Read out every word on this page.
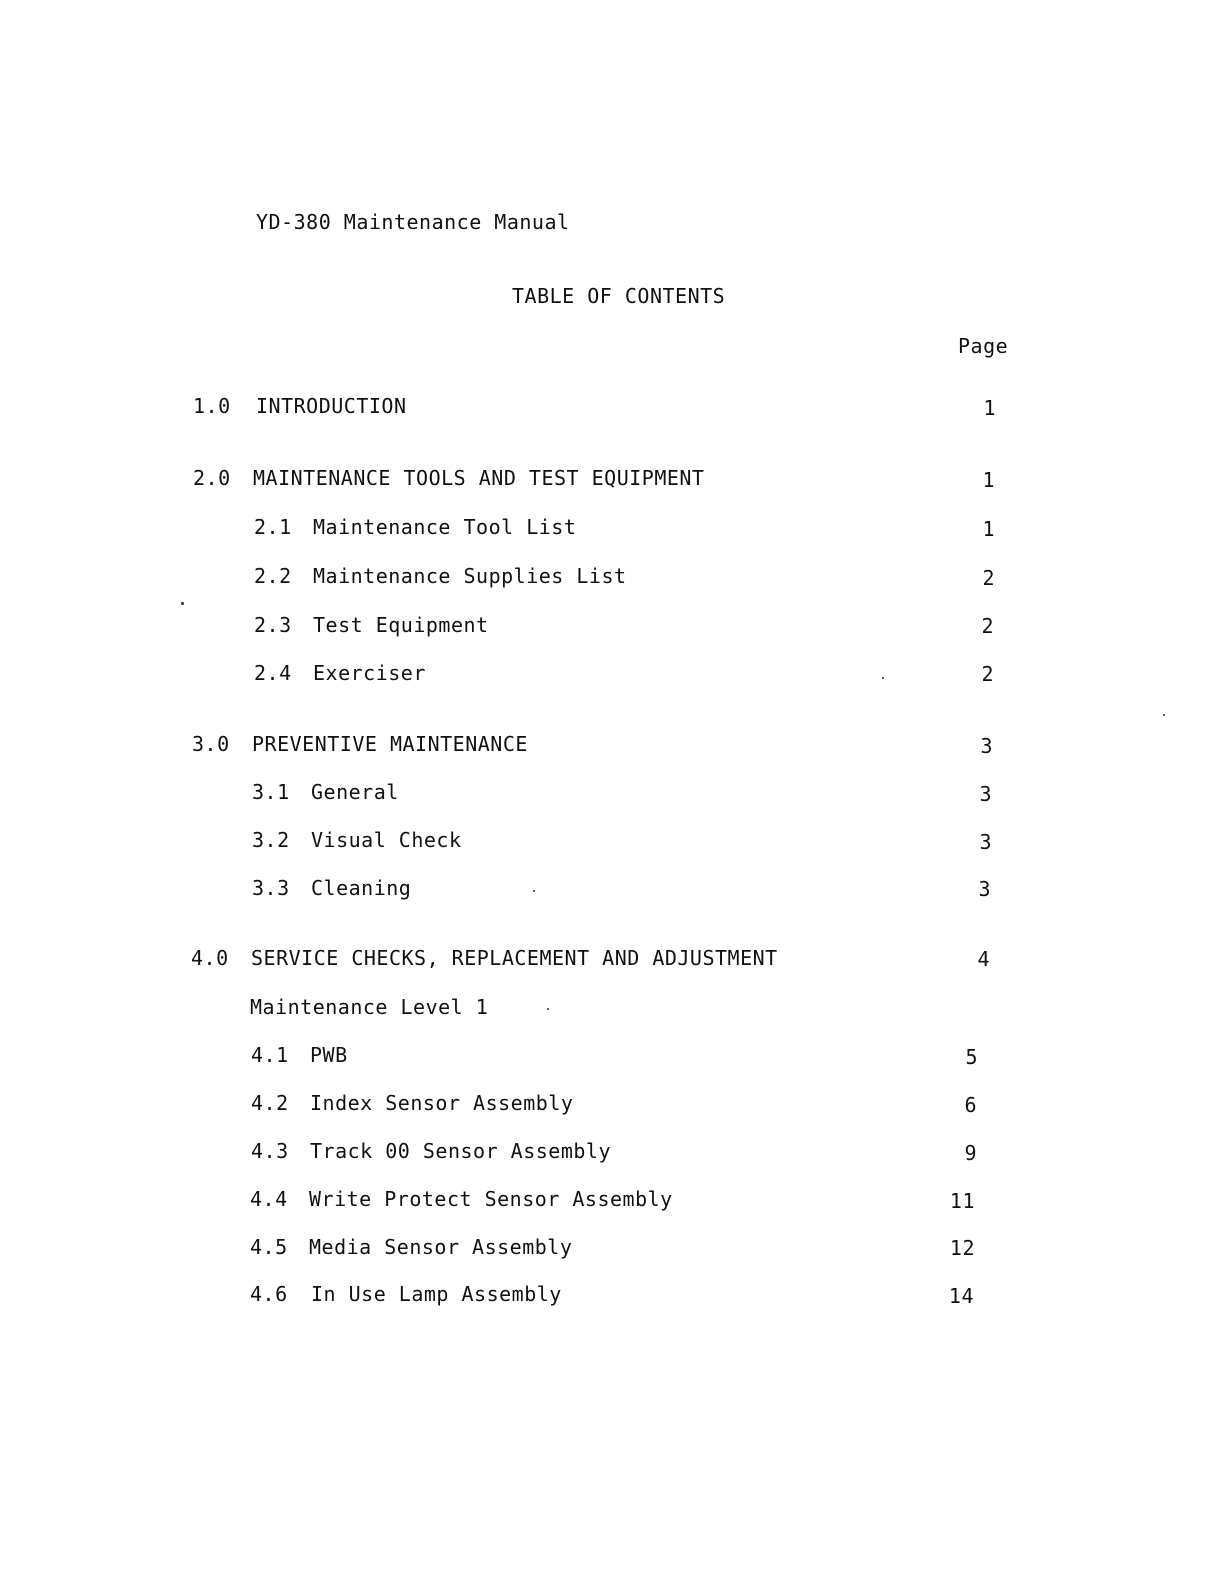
YD-380 Maintenance Manual
TABLE OF CONTENTS
Page
1.0	INTRODUCTION	1
2.0	MAINTENANCE TOOLS AND TEST EQUIPMENT	1
2.1	Maintenance Tool List	1
2.2	Maintenance Supplies List	2
2.3	Test Equipment	2
2.4	Exerciser	2
3.0	PREVENTIVE MAINTENANCE	3
3.1	General	3
3.2	Visual Check	3
3.3	Cleaning	3
4.0	SERVICE CHECKS, REPLACEMENT AND ADJUSTMENT	4
Maintenance Level 1
4.1	PWB	5
4.2	Index Sensor Assembly	6
4.3	Track 00 Sensor Assembly	9
4.4	Write Protect Sensor Assembly	11
4.5	Media Sensor Assembly	12
4.6	In Use Lamp Assembly	14
